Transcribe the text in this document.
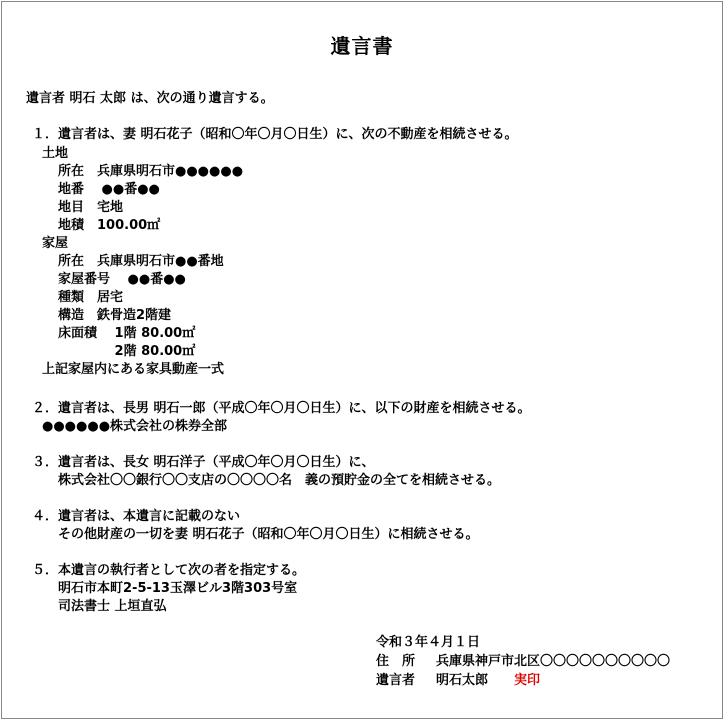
遺言書
遺言者 明石 太郎 は、次の通り遺言する。
１．遺言者は、妻 明石花子（昭和〇年〇月〇日生）に、次の不動産を相続させる。
土地
所在　兵庫県明石市●●●●●●
地番　 ●●番●●
地目　宅地
地積　100.00㎡
家屋
所在　兵庫県明石市●●番地
家屋番号　 ●●番●●
種類　居宅
構造　鉄骨造2階建
床面積　 1階 80.00㎡
　　　　 2階 80.00㎡
上記家屋内にある家具動産一式
２．遺言者は、長男 明石一郎（平成〇年〇月〇日生）に、以下の財産を相続させる。
●●●●●●株式会社の株券全部
３．遺言者は、長女 明石洋子（平成〇年〇月〇日生）に、
株式会社〇〇銀行〇〇支店の〇〇〇〇名　義の預貯金の全てを相続させる。
４．遺言者は、本遺言に記載のない
その他財産の一切を妻 明石花子（昭和〇年〇月〇日生）に相続させる。
５．本遺言の執行者として次の者を指定する。
明石市本町2-5-13玉澤ビル3階303号室
司法書士 上垣直弘
令和３年４月１日
住　所 兵庫県神戸市北区〇〇〇〇〇〇〇〇〇〇
遺言者 明石太郎 実印
